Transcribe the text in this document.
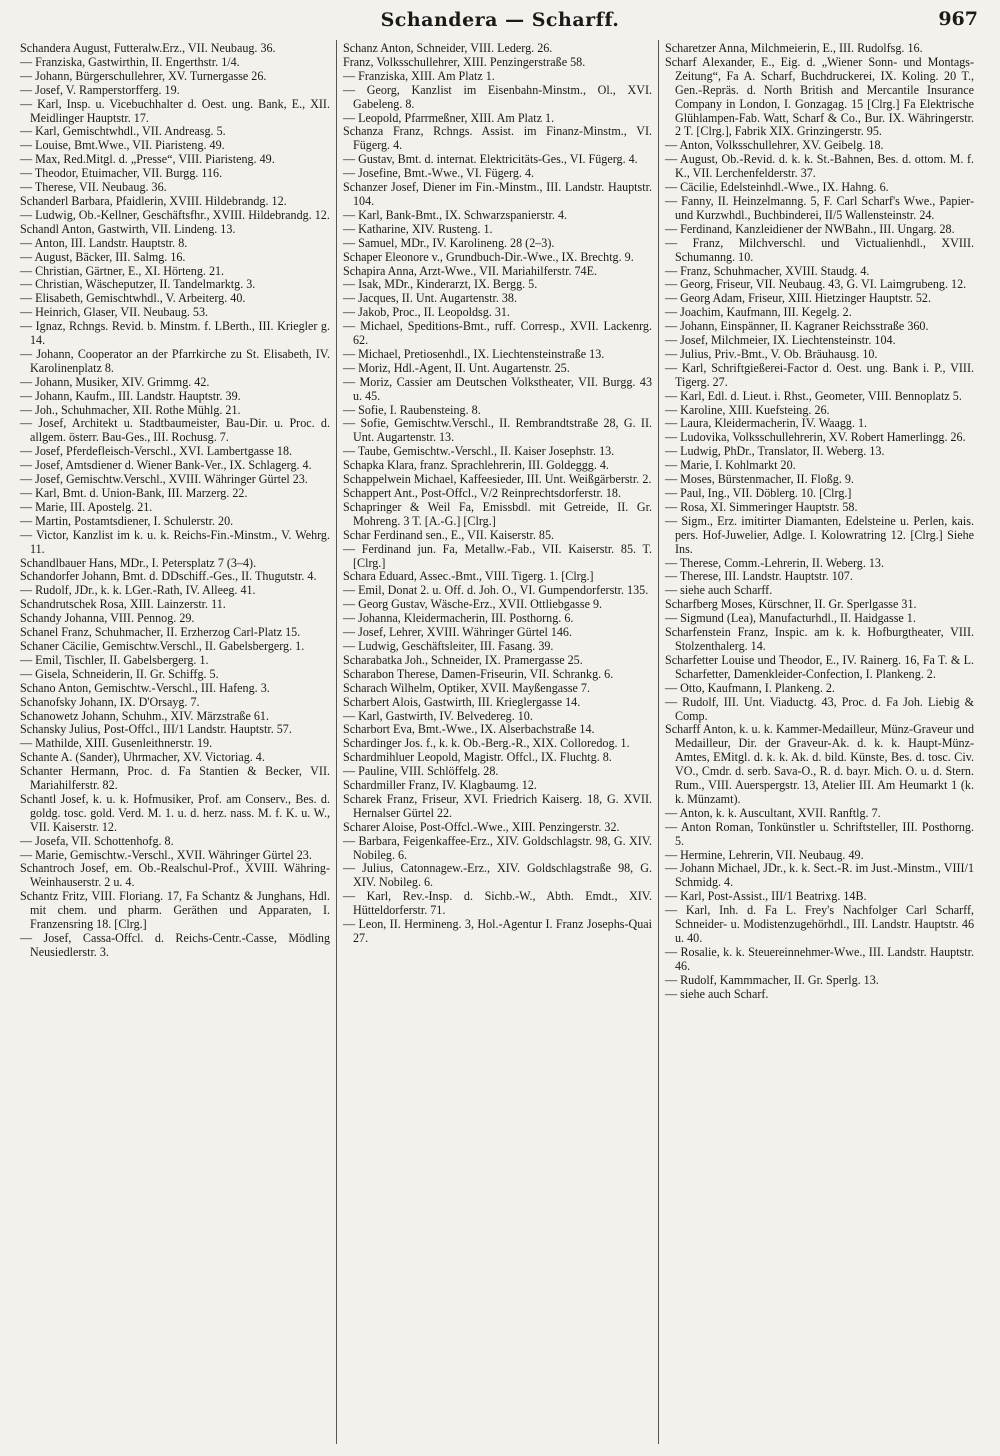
Schandera — Scharff.	967

Schandera August, Futteralw.Erz., VII. Neubaug. 36.

— Franziska, Gastwirthin, II. Engerthstr. 1/4.

— Johann, Bürgerschullehrer, XV. Turnergasse 26.

— Josef, V. Ramperstorfferg. 19.

— Karl, Insp. u. Vicebuchhalter d. Oest. ung. Bank, E., XII. Meidlinger Hauptstr. 17.

— Karl, Gemischtwhdl., VII. Andreasg. 5.

— Louise, Bmt.Wwe., VII. Piaristeng. 49.

— Max, Red.Mitgl. d. „Presse“, VIII. Piaristeng. 49.

— Theodor, Etuimacher, VII. Burgg. 116.

— Therese, VII. Neubaug. 36.

Schanderl Barbara, Pfaidlerin, XVIII. Hildebrandg. 12.

— Ludwig, Ob.-Kellner, Geschäftsfhr., XVIII. Hildebrandg. 12.

Schandl Anton, Gastwirth, VII. Lindeng. 13.

— Anton, III. Landstr. Hauptstr. 8.

— August, Bäcker, III. Salmg. 16.

— Christian, Gärtner, E., XI. Hörteng. 21.

— Christian, Wäscheputzer, II. Tandelmarktg. 3.

— Elisabeth, Gemischtwhdl., V. Arbeiterg. 40.

— Heinrich, Glaser, VII. Neubaug. 53.

— Ignaz, Rchngs. Revid. b. Minstm. f. LBerth., III. Kriegler g. 14.

— Johann, Cooperator an der Pfarrkirche zu St. Elisabeth, IV. Karolinenplatz 8.

— Johann, Musiker, XIV. Grimmg. 42.

— Johann, Kaufm., III. Landstr. Hauptstr. 39.

— Joh., Schuhmacher, XII. Rothe Mühlg. 21.

— Josef, Architekt u. Stadtbaumeister, Bau-Dir. u. Proc. d. allgem. österr. Bau-Ges., III. Rochusg. 7.

— Josef, Pferdefleisch-Verschl., XVI. Lambertgasse 18.

— Josef, Amtsdiener d. Wiener Bank-Ver., IX. Schlagerg. 4.

— Josef, Gemischtw.Verschl., XVIII. Währinger Gürtel 23.

— Karl, Bmt. d. Union-Bank, III. Marzerg. 22.

— Marie, III. Apostelg. 21.

— Martin, Postamtsdiener, I. Schulerstr. 20.

— Victor, Kanzlist im k. u. k. Reichs-Fin.-Minstm., V. Wehrg. 11.

Schandlbauer Hans, MDr., I. Petersplatz 7 (3–4).

Schandorfer Johann, Bmt. d. DDschiff.-Ges., II. Thugutstr. 4.

— Rudolf, JDr., k. k. LGer.-Rath, IV. Alleeg. 41.

Schandrutschek Rosa, XIII. Lainzerstr. 11.

Schandy Johanna, VIII. Pennog. 29.

Schanel Franz, Schuhmacher, II. Erzherzog Carl-Platz 15.

Schaner Cäcilie, Gemischtw.Verschl., II. Gabelsbergerg. 1.

— Emil, Tischler, II. Gabelsbergerg. 1.

— Gisela, Schneiderin, II. Gr. Schiffg. 5.

Schano Anton, Gemischtw.-Verschl., III. Hafeng. 3.

Schanofsky Johann, IX. D'Orsayg. 7.

Schanowetz Johann, Schuhm., XIV. Märzstraße 61.

Schansky Julius, Post-Offcl., III/1 Landstr. Hauptstr. 57.

— Mathilde, XIII. Gusenleithnerstr. 19.

Schante A. (Sander), Uhrmacher, XV. Victoriag. 4.

Schanter Hermann, Proc. d. Fa Stantien & Becker, VII. Mariahilferstr. 82.

Schantl Josef, k. u. k. Hofmusiker, Prof. am Conserv., Bes. d. goldg. tosc. gold. Verd. M. 1. u. d. herz. nass. M. f. K. u. W., VII. Kaiserstr. 12.

— Josefa, VII. Schottenhofg. 8.

— Marie, Gemischtw.-Verschl., XVII. Währinger Gürtel 23.

Schantroch Josef, em. Ob.-Realschul-Prof., XVIII. Währing-Weinhauserstr. 2 u. 4.

Schantz Fritz, VIII. Floriang. 17, Fa Schantz & Junghans, Hdl. mit chem. und pharm. Geräthen und Apparaten, I. Franzensring 18. [Clrg.]

— Josef, Cassa-Offcl. d. Reichs-Centr.-Casse, Mödling Neusiedlerstr. 3.

Schanz Anton, Schneider, VIII. Lederg. 26.

Franz, Volksschullehrer, XIII. Penzingerstraße 58.

— Franziska, XIII. Am Platz 1.

— Georg, Kanzlist im Eisenbahn-Minstm., Ol., XVI. Gabeleng. 8.

— Leopold, Pfarrmeßner, XIII. Am Platz 1.

Schanza Franz, Rchngs. Assist. im Finanz-Minstm., VI. Fügerg. 4.

— Gustav, Bmt. d. internat. Elektricitäts-Ges., VI. Fügerg. 4.

— Josefine, Bmt.-Wwe., VI. Fügerg. 4.

Schanzer Josef, Diener im Fin.-Minstm., III. Landstr. Hauptstr. 104.

— Karl, Bank-Bmt., IX. Schwarzspanierstr. 4.

— Katharine, XIV. Rusteng. 1.

— Samuel, MDr., IV. Karolineng. 28 (2–3).

Schaper Eleonore v., Grundbuch-Dir.-Wwe., IX. Brechtg. 9.

Schapira Anna, Arzt-Wwe., VII. Mariahilferstr. 74E.

— Isak, MDr., Kinderarzt, IX. Bergg. 5.

— Jacques, II. Unt. Augartenstr. 38.

— Jakob, Proc., II. Leopoldsg. 31.

— Michael, Speditions-Bmt., ruff. Corresp., XVII. Lackenrg. 62.

— Michael, Pretiosenhdl., IX. Liechtensteinstraße 13.

— Moriz, Hdl.-Agent, II. Unt. Augartenstr. 25.

— Moriz, Cassier am Deutschen Volkstheater, VII. Burgg. 43 u. 45.

— Sofie, I. Raubensteing. 8.

— Sofie, Gemischtw.Verschl., II. Rembrandtstraße 28, G. II. Unt. Augartenstr. 13.

— Taube, Gemischtw.-Verschl., II. Kaiser Josephstr. 13.

Schapka Klara, franz. Sprachlehrerin, III. Goldeggg. 4.

Schappelwein Michael, Kaffeesieder, III. Unt. Weißgärberstr. 2.

Schappert Ant., Post-Offcl., V/2 Reinprechtsdorferstr. 18.

Schapringer & Weil Fa, Emissbdl. mit Getreide, II. Gr. Mohreng. 3 T. [A.-G.] [Clrg.]

Schar Ferdinand sen., E., VII. Kaiserstr. 85.

— Ferdinand jun. Fa, Metallw.-Fab., VII. Kaiserstr. 85. T. [Clrg.]

Schara Eduard, Assec.-Bmt., VIII. Tigerg. 1. [Clrg.]

— Emil, Donat 2. u. Off. d. Joh. O., VI. Gumpendorferstr. 135.

— Georg Gustav, Wäsche-Erz., XVII. Ottliebgasse 9.

— Johanna, Kleidermacherin, III. Posthorng. 6.

— Josef, Lehrer, XVIII. Währinger Gürtel 146.

— Ludwig, Geschäftsleiter, III. Fasang. 39.

Scharabatka Joh., Schneider, IX. Pramergasse 25.

Scharabon Therese, Damen-Friseurin, VII. Schrankg. 6.

Scharach Wilhelm, Optiker, XVII. Mayßengasse 7.

Scharbert Alois, Gastwirth, III. Krieglergasse 14.

— Karl, Gastwirth, IV. Belvedereg. 10.

Scharbort Eva, Bmt.-Wwe., IX. Alserbachstraße 14.

Schardinger Jos. f., k. k. Ob.-Berg.-R., XIX. Colloredog. 1.

Schardmihluer Leopold, Magistr. Offcl., IX. Fluchtg. 8.

— Pauline, VIII. Schlöffelg. 28.

Schardmiller Franz, IV. Klagbaumg. 12.

Scharek Franz, Friseur, XVI. Friedrich Kaiserg. 18, G. XVII. Hernalser Gürtel 22.

Scharer Aloise, Post-Offcl.-Wwe., XIII. Penzingerstr. 32.

— Barbara, Feigenkaffee-Erz., XIV. Goldschlagstr. 98, G. XIV. Nobileg. 6.

— Julius, Catonnagew.-Erz., XIV. Goldschlagstraße 98, G. XIV. Nobileg. 6.

— Karl, Rev.-Insp. d. Sichb.-W., Abth. Emdt., XIV. Hütteldorferstr. 71.

— Leon, II. Hermineng. 3, Hol.-Agentur I. Franz Josephs-Quai 27.

Scharetzer Anna, Milchmeierin, E., III. Rudolfsg. 16.

Scharf Alexander, E., Eig. d. „Wiener Sonn- und Montags-Zeitung“, Fa A. Scharf, Buchdruckerei, IX. Koling. 20 T., Gen.-Repräs. d. North British and Mercantile Insurance Company in London, I. Gonzagag. 15 [Clrg.] Fa Elektrische Glühlampen-Fab. Watt, Scharf & Co., Bur. IX. Währingerstr. 2 T. [Clrg.], Fabrik XIX. Grinzingerstr. 95.

— Anton, Volksschullehrer, XV. Geibelg. 18.

— August, Ob.-Revid. d. k. k. St.-Bahnen, Bes. d. ottom. M. f. K., VII. Lerchenfelderstr. 37.

— Cäcilie, Edelsteinhdl.-Wwe., IX. Hahng. 6.

— Fanny, II. Heinzelmanng. 5, F. Carl Scharf's Wwe., Papier- und Kurzwhdl., Buchbinderei, II/5 Wallensteinstr. 24.

— Ferdinand, Kanzleidiener der NWBahn., III. Ungarg. 28.

— Franz, Milchverschl. und Victualienhdl., XVIII. Schumanng. 10.

— Franz, Schuhmacher, XVIII. Staudg. 4.

— Georg, Friseur, VII. Neubaug. 43, G. VI. Laimgrubeng. 12.

— Georg Adam, Friseur, XIII. Hietzinger Hauptstr. 52.

— Joachim, Kaufmann, III. Kegelg. 2.

— Johann, Einspänner, II. Kagraner Reichsstraße 360.

— Josef, Milchmeier, IX. Liechtensteinstr. 104.

— Julius, Priv.-Bmt., V. Ob. Bräuhausg. 10.

— Karl, Schriftgießerei-Factor d. Oest. ung. Bank i. P., VIII. Tigerg. 27.

— Karl, Edl. d. Lieut. i. Rhst., Geometer, VIII. Bennoplatz 5.

— Karoline, XIII. Kuefsteing. 26.

— Laura, Kleidermacherin, IV. Waagg. 1.

— Ludovika, Volksschullehrerin, XV. Robert Hamerlingg. 26.

— Ludwig, PhDr., Translator, II. Weberg. 13.

— Marie, I. Kohlmarkt 20.

— Moses, Bürstenmacher, II. Floßg. 9.

— Paul, Ing., VII. Döblerg. 10. [Clrg.]

— Rosa, XI. Simmeringer Hauptstr. 58.

— Sigm., Erz. imitirter Diamanten, Edelsteine u. Perlen, kais. pers. Hof-Juwelier, Adlge. I. Kolowratring 12. [Clrg.] Siehe Ins.

— Therese, Comm.-Lehrerin, II. Weberg. 13.

— Therese, III. Landstr. Hauptstr. 107.

— siehe auch Scharff.

Scharfberg Moses, Kürschner, II. Gr. Sperlgasse 31.

— Sigmund (Lea), Manufacturhdl., II. Haidgasse 1.

Scharfenstein Franz, Inspic. am k. k. Hofburgtheater, VIII. Stolzenthalerg. 14.

Scharfetter Louise und Theodor, E., IV. Rainerg. 16, Fa T. & L. Scharfetter, Damenkleider-Confection, I. Plankeng. 2.

— Otto, Kaufmann, I. Plankeng. 2.

— Rudolf, III. Unt. Viaductg. 43, Proc. d. Fa Joh. Liebig & Comp.

Scharff Anton, k. u. k. Kammer-Medailleur, Münz-Graveur und Medailleur, Dir. der Graveur-Ak. d. k. k. Haupt-Münz-Amtes, EMitgl. d. k. k. Ak. d. bild. Künste, Bes. d. tosc. Civ. VO., Cmdr. d. serb. Sava-O., R. d. bayr. Mich. O. u. d. Stern. Rum., VIII. Auerspergstr. 13, Atelier III. Am Heumarkt 1 (k. k. Münzamt).

— Anton, k. k. Auscultant, XVII. Ranftlg. 7.

— Anton Roman, Tonkünstler u. Schriftsteller, III. Posthorng. 5.

— Hermine, Lehrerin, VII. Neubaug. 49.

— Johann Michael, JDr., k. k. Sect.-R. im Just.-Minstm., VIII/1 Schmidg. 4.

— Karl, Post-Assist., III/1 Beatrixg. 14B.

— Karl, Inh. d. Fa L. Frey's Nachfolger Carl Scharff, Schneider- u. Modistenzugehörhdl., III. Landstr. Hauptstr. 46 u. 40.

— Rosalie, k. k. Steuereinnehmer-Wwe., III. Landstr. Hauptstr. 46.

— Rudolf, Kammmacher, II. Gr. Sperlg. 13.

— siehe auch Scharf.
